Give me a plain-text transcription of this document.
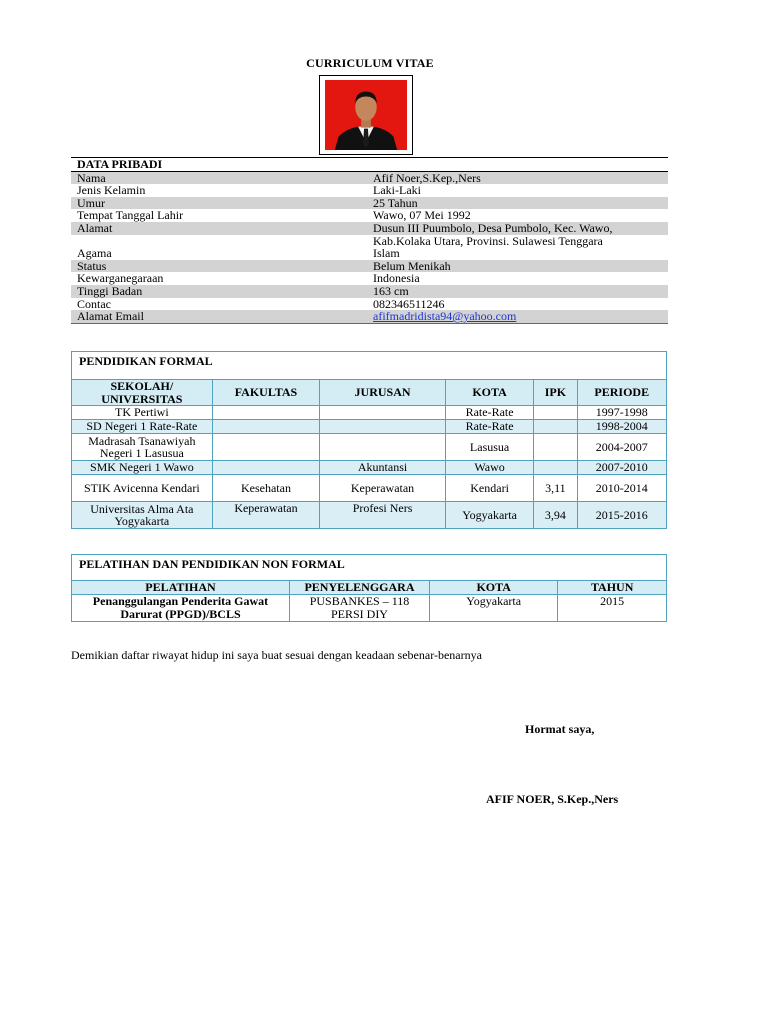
CURRICULUM VITAE
DATA PRIBADI	
Nama	Afif Noer,S.Kep.,Ners
Jenis Kelamin	Laki-Laki
Umur	25 Tahun
Tempat Tanggal Lahir	Wawo, 07 Mei 1992
Alamat	Dusun III Puumbolo, Desa Pumbolo, Kec. Wawo,
	Kab.Kolaka Utara, Provinsi. Sulawesi Tenggara
Agama	Islam
Status	Belum Menikah
Kewarganegaraan	Indonesia
Tinggi Badan	163 cm
Contac	082346511246
Alamat Email	afifmadridista94@yahoo.com
PENDIDIKAN FORMAL					
SEKOLAH/ UNIVERSITAS	FAKULTAS	JURUSAN	KOTA	IPK	PERIODE
TK Pertiwi			Rate-Rate		1997-1998
SD Negeri 1 Rate-Rate			Rate-Rate		1998-2004
Madrasah Tsanawiyah Negeri 1 Lasusua			Lasusua		2004-2007
SMK Negeri 1 Wawo		Akuntansi	Wawo		2007-2010
STIK Avicenna Kendari	Kesehatan	Keperawatan	Kendari	3,11	2010-2014
Universitas Alma Ata Yogyakarta	Keperawatan	Profesi Ners	Yogyakarta	3,94	2015-2016
PELATIHAN DAN PENDIDIKAN NON FORMAL			
PELATIHAN	PENYELENGGARA	KOTA	TAHUN
Penanggulangan Penderita Gawat Darurat (PPGD)/BCLS	PUSBANKES – 118 PERSI DIY	Yogyakarta	2015
Demikian daftar riwayat hidup ini saya buat sesuai dengan keadaan sebenar-benarnya
Hormat saya,
AFIF NOER, S.Kep.,Ners
